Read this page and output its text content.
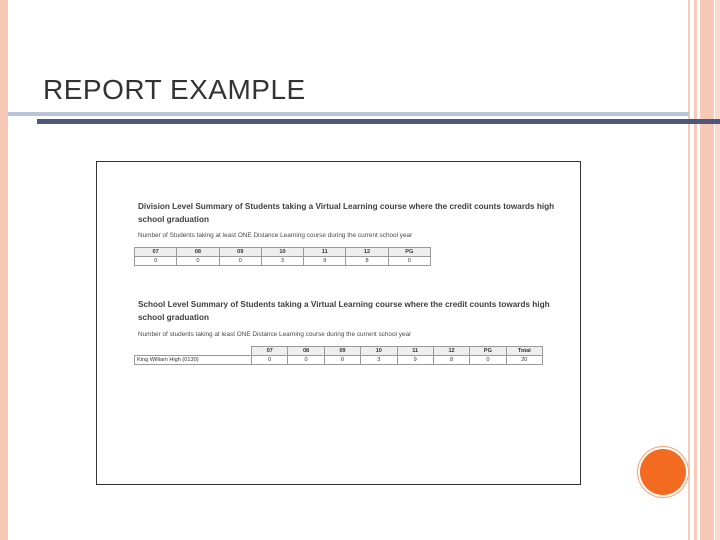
REPORT EXAMPLE
Division Level Summary of Students taking a Virtual Learning course where the credit counts towards high
school graduation
Number of Students taking at least ONE Distance Learning course during the current school year
07	08	09	10	11	12	PG
0	0	0	3	9	8	0
School Level Summary of Students taking a Virtual Learning course where the credit counts towards high
school graduation
Number of students taking at least ONE Distance Learning course during the current school year
	07	08	09	10	11	12	PG	Total
King William High (0130)	0	0	0	3	9	8	0	20
